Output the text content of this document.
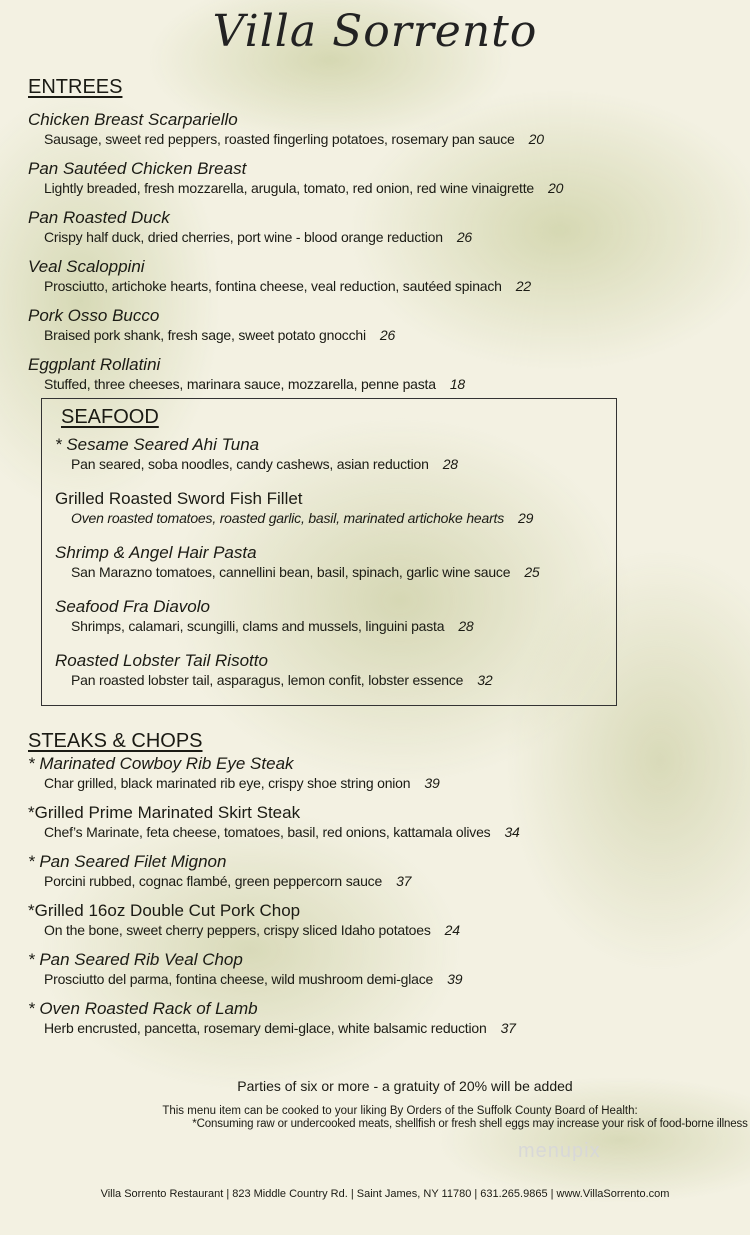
Villa Sorrento
ENTREES
Chicken Breast Scarpariello
Sausage, sweet red peppers, roasted fingerling potatoes, rosemary pan sauce 20
Pan Sautéed Chicken Breast
Lightly breaded, fresh mozzarella, arugula, tomato, red onion, red wine vinaigrette 20
Pan Roasted Duck
Crispy half duck, dried cherries, port wine - blood orange reduction 26
Veal Scaloppini
Prosciutto, artichoke hearts, fontina cheese, veal reduction, sautéed spinach 22
Pork Osso Bucco
Braised pork shank, fresh sage, sweet potato gnocchi 26
Eggplant Rollatini
Stuffed, three cheeses, marinara sauce, mozzarella, penne pasta 18
SEAFOOD
* Sesame Seared Ahi Tuna
Pan seared, soba noodles, candy cashews, asian reduction 28
Grilled Roasted Sword Fish Fillet
Oven roasted tomatoes, roasted garlic, basil, marinated artichoke hearts 29
Shrimp & Angel Hair Pasta
San Marazno tomatoes, cannellini bean, basil, spinach, garlic wine sauce 25
Seafood Fra Diavolo
Shrimps, calamari, scungilli, clams and mussels, linguini pasta 28
Roasted Lobster Tail Risotto
Pan roasted lobster tail, asparagus, lemon confit, lobster essence 32
STEAKS & CHOPS
* Marinated Cowboy Rib Eye Steak
Char grilled, black marinated rib eye, crispy shoe string onion 39
*Grilled Prime Marinated Skirt Steak
Chef’s Marinate, feta cheese, tomatoes, basil, red onions, kattamala olives 34
* Pan Seared Filet Mignon
Porcini rubbed, cognac flambé, green peppercorn sauce 37
*Grilled 16oz Double Cut Pork Chop
On the bone, sweet cherry peppers, crispy sliced Idaho potatoes 24
* Pan Seared Rib Veal Chop
Prosciutto del parma, fontina cheese, wild mushroom demi-glace 39
* Oven Roasted Rack of Lamb
Herb encrusted, pancetta, rosemary demi-glace, white balsamic reduction 37
Parties of six or more - a gratuity of 20% will be added
This menu item can be cooked to your liking By Orders of the Suffolk County Board of Health:
*Consuming raw or undercooked meats, shellfish or fresh shell eggs may increase your risk of food-borne illness
menupix
Villa Sorrento Restaurant | 823 Middle Country Rd. | Saint James, NY 11780 | 631.265.9865 | www.VillaSorrento.com
